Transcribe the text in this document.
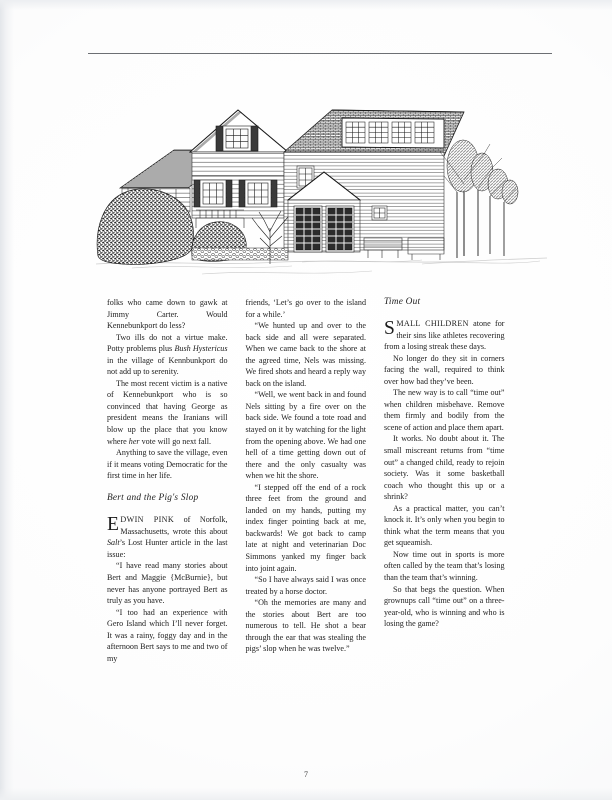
folks who came down to gawk at Jimmy Carter. Would Kennebunkport do less?

Two ills do not a virtue make. Potty problems plus Bush Hystericus in the village of Kennbunkport do not add up to serenity.

The most recent victim is a native of Kennebunkport who is so convinced that having George as president means the Iranians will blow up the place that you know where her vote will go next fall.

Anything to save the village, even if it means voting Democratic for the first time in her life.

Bert and the Pig's Slop

EDWIN PINK of Norfolk, Massachusetts, wrote this about Salt’s Lost Hunter article in the last issue:

“I have read many stories about Bert and Maggie {McBurnie}, but never has anyone portrayed Bert as truly as you have.

“I too had an experience with Gero Island which I’ll never forget. It was a rainy, foggy day and in the afternoon Bert says to me and two of my

friends, ‘Let’s go over to the island for a while.’

“We hunted up and over to the back side and all were separated. When we came back to the shore at the agreed time, Nels was missing. We fired shots and heard a reply way back on the island.

“Well, we went back in and found Nels sitting by a fire over on the back side. We found a tote road and stayed on it by watching for the light from the opening above. We had one hell of a time getting down out of there and the only casualty was when we hit the shore.

“I stepped off the end of a rock three feet from the ground and landed on my hands, putting my index finger pointing back at me, backwards! We got back to camp late at night and veterinarian Doc Simmons yanked my finger back into joint again.

“So I have always said I was once treated by a horse doctor.

“Oh the memories are many and the stories about Bert are too numerous to tell. He shot a bear through the ear that was stealing the pigs’ slop when he was twelve.”

Time Out

SMALL CHILDREN atone for their sins like athletes recovering from a losing streak these days.

No longer do they sit in corners facing the wall, required to think over how bad they’ve been.

The new way is to call “time out” when children misbehave. Remove them firmly and bodily from the scene of action and place them apart.

It works. No doubt about it. The small miscreant returns from “time out” a changed child, ready to rejoin society. Was it some basketball coach who thought this up or a shrink?

As a practical matter, you can’t knock it. It’s only when you begin to think what the term means that you get squeamish.

Now time out in sports is more often called by the team that’s losing than the team that’s winning.

So that begs the question. When grownups call “time out” on a three-year-old, who is winning and who is losing the game?

7
